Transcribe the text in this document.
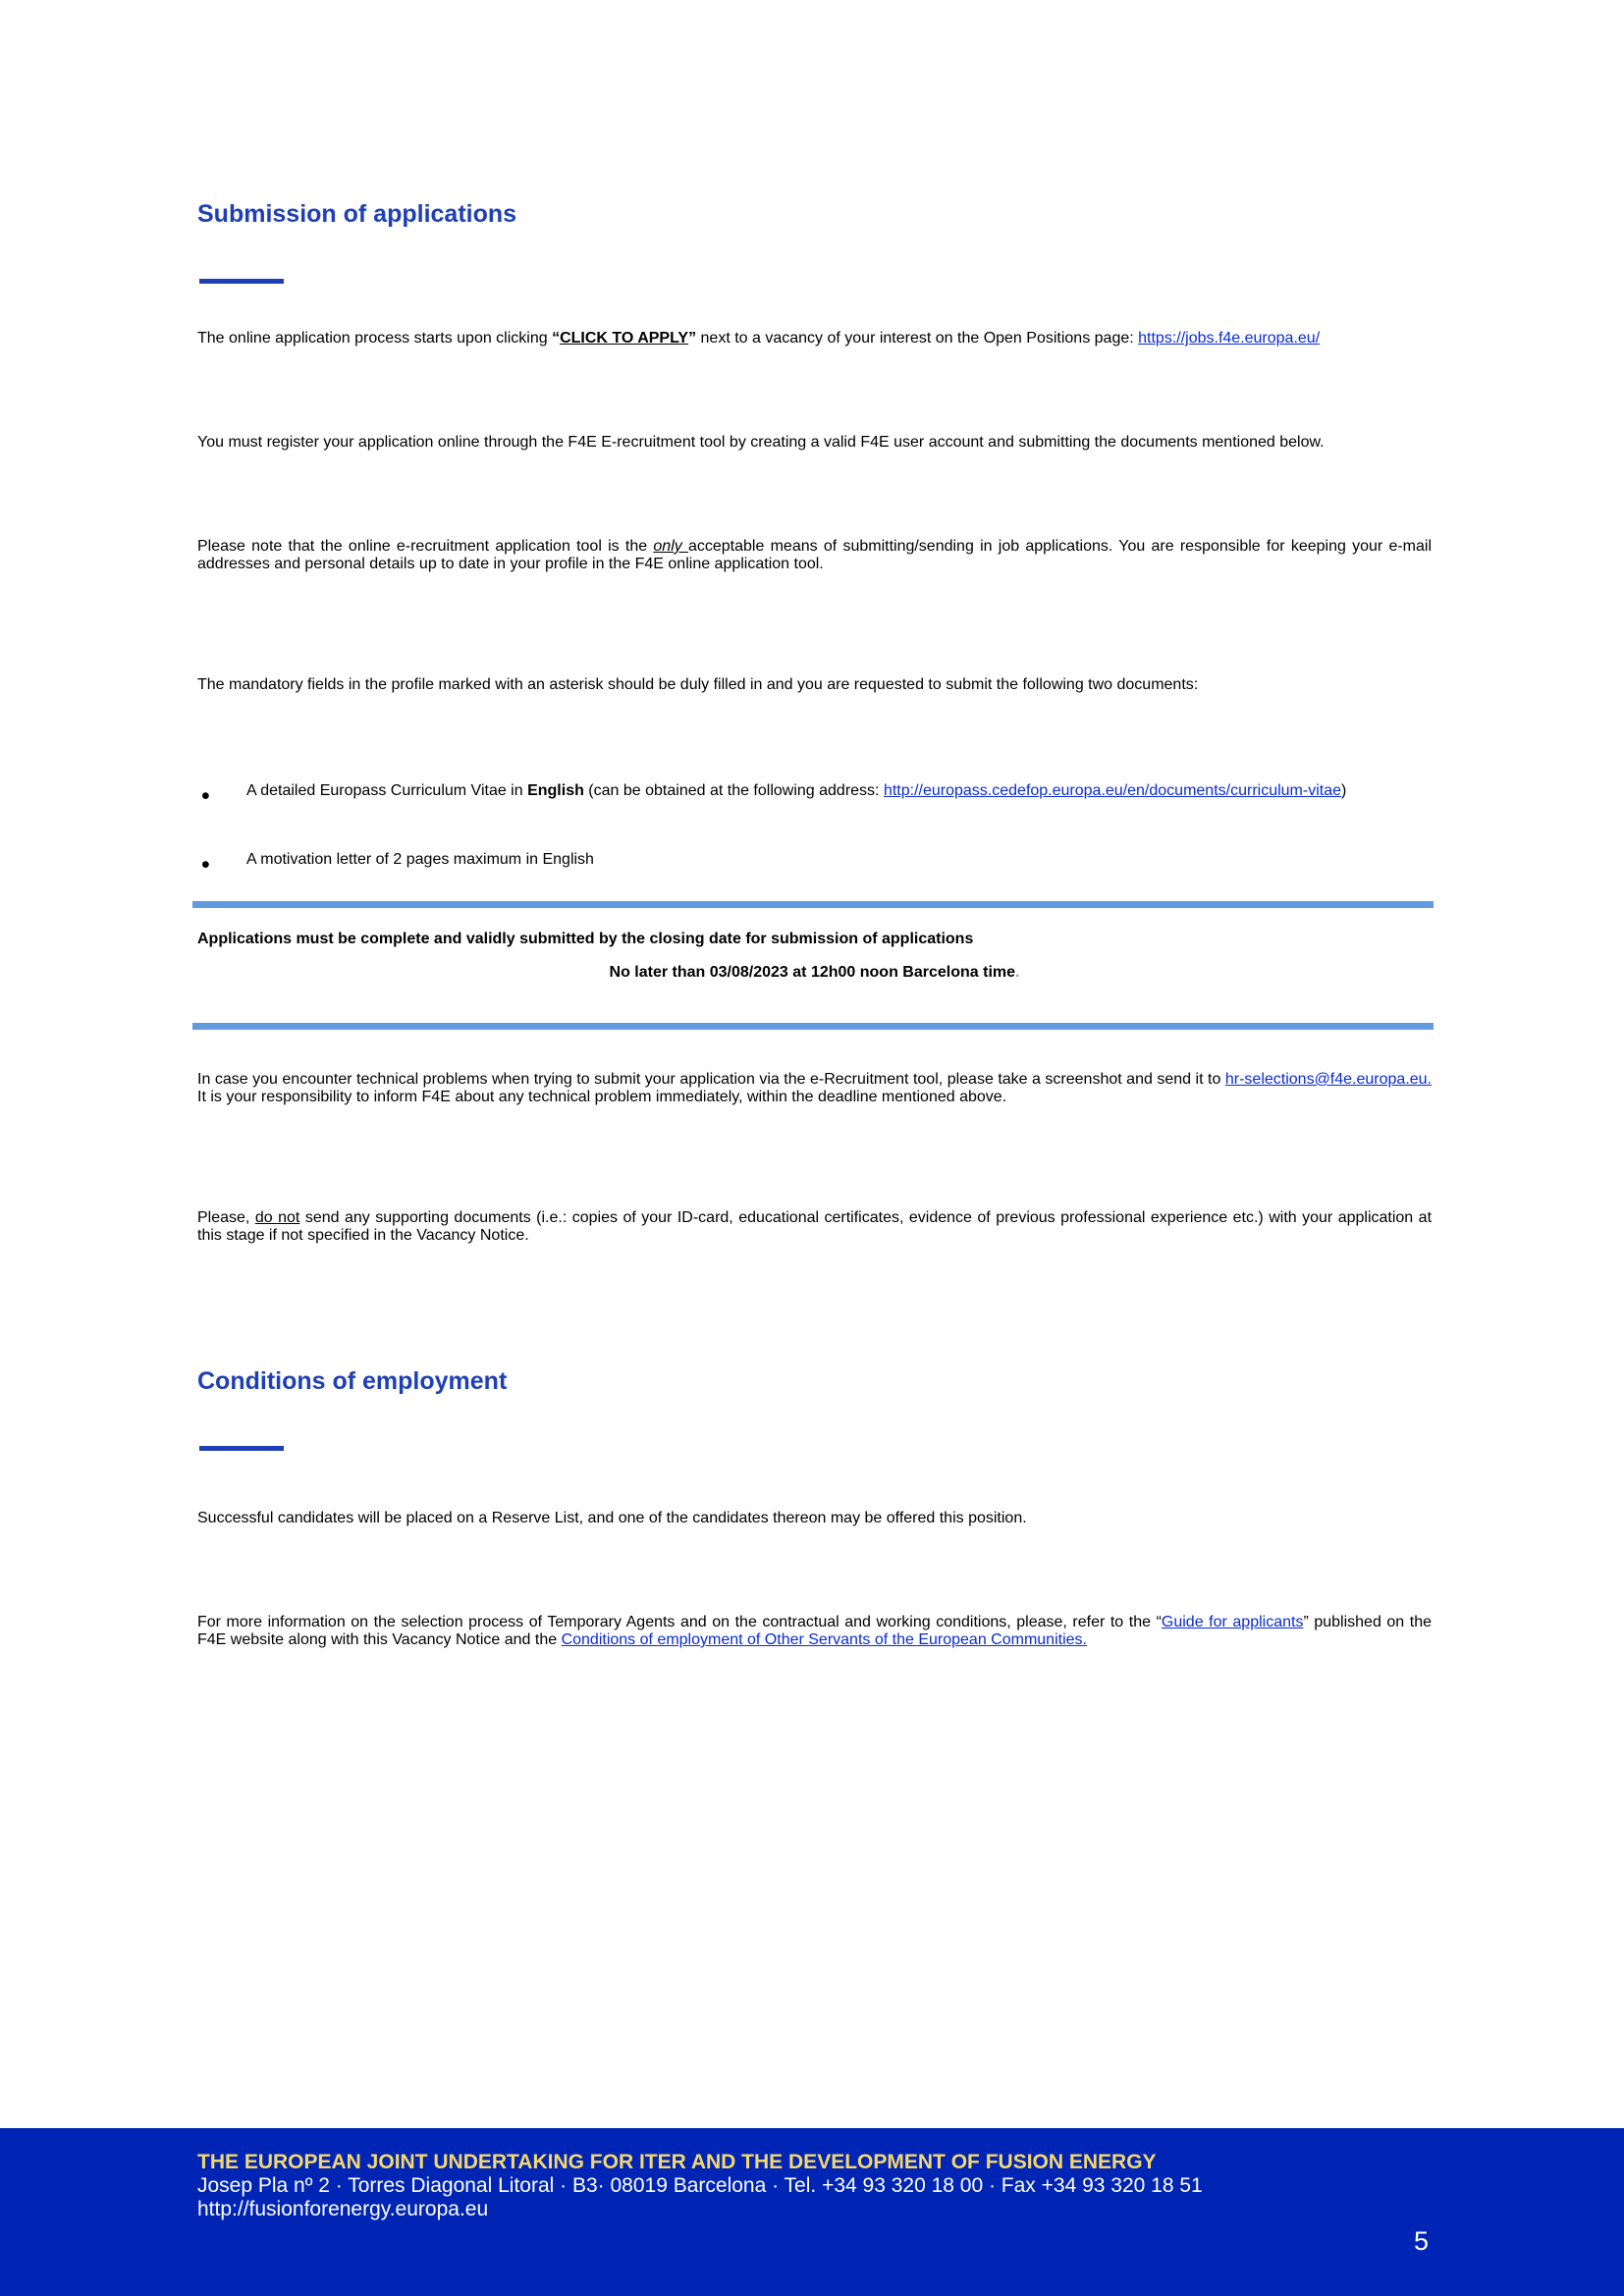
Submission of applications
The online application process starts upon clicking “CLICK TO APPLY” next to a vacancy of your interest on the Open Positions page: https://jobs.f4e.europa.eu/
You must register your application online through the F4E E-recruitment tool by creating a valid F4E user account and submitting the documents mentioned below.
Please note that the online e-recruitment application tool is the only acceptable means of submitting/sending in job applications. You are responsible for keeping your e-mail addresses and personal details up to date in your profile in the F4E online application tool.
The mandatory fields in the profile marked with an asterisk should be duly filled in and you are requested to submit the following two documents:
• A detailed Europass Curriculum Vitae in English (can be obtained at the following address: http://europass.cedefop.europa.eu/en/documents/curriculum-vitae)
• A motivation letter of 2 pages maximum in English
Applications must be complete and validly submitted by the closing date for submission of applications
No later than 03/08/2023 at 12h00 noon Barcelona time.
In case you encounter technical problems when trying to submit your application via the e-Recruitment tool, please take a screenshot and send it to hr-selections@f4e.europa.eu. It is your responsibility to inform F4E about any technical problem immediately, within the deadline mentioned above.
Please, do not send any supporting documents (i.e.: copies of your ID-card, educational certificates, evidence of previous professional experience etc.) with your application at this stage if not specified in the Vacancy Notice.
Conditions of employment
Successful candidates will be placed on a Reserve List, and one of the candidates thereon may be offered this position.
For more information on the selection process of Temporary Agents and on the contractual and working conditions, please, refer to the “Guide for applicants” published on the F4E website along with this Vacancy Notice and the Conditions of employment of Other Servants of the European Communities.
THE EUROPEAN JOINT UNDERTAKING FOR ITER AND THE DEVELOPMENT OF FUSION ENERGY
Josep Pla nº 2 · Torres Diagonal Litoral · B3· 08019 Barcelona · Tel. +34 93 320 18 00 · Fax +34 93 320 18 51
http://fusionforenergy.europa.eu
5
